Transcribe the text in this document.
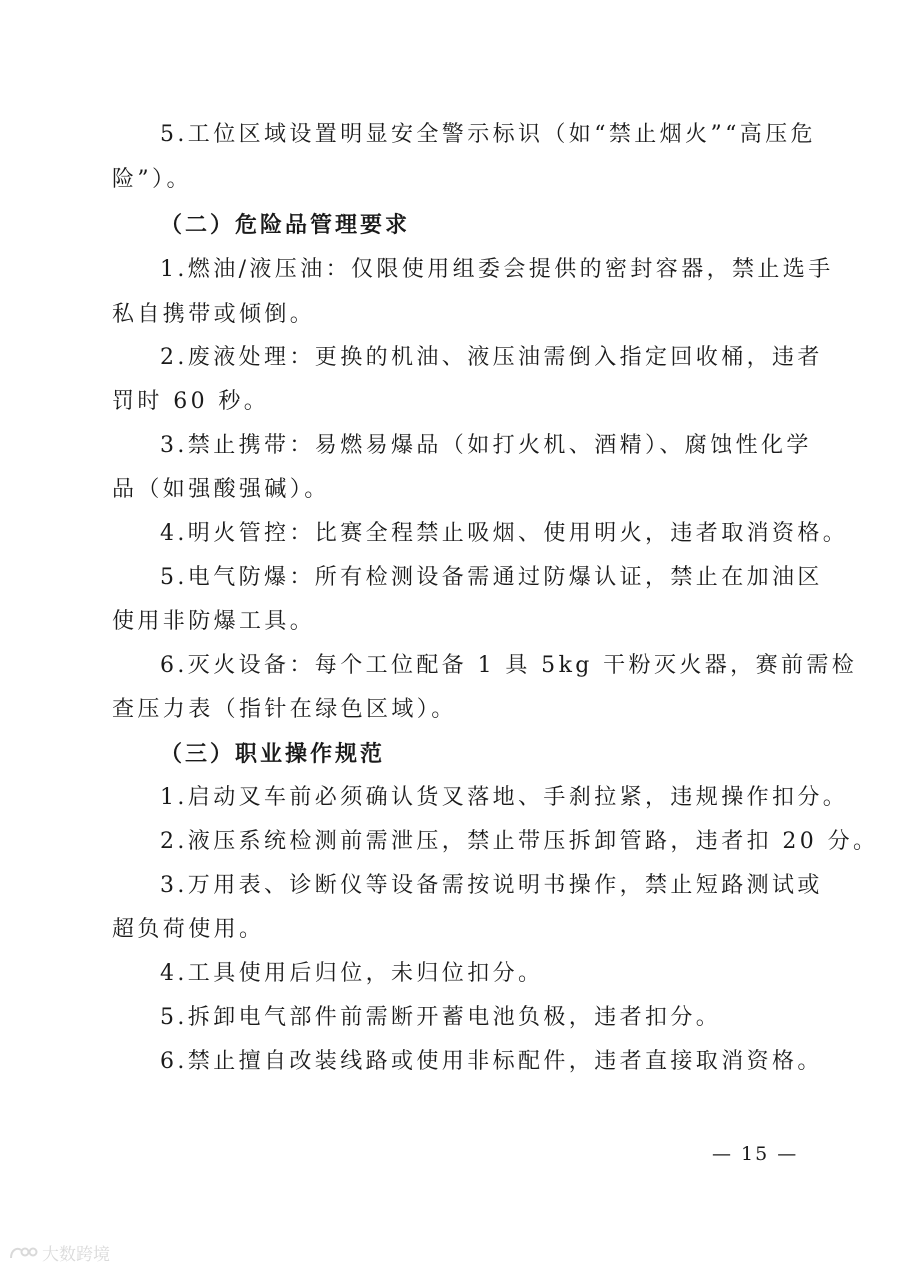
5.工位区域设置明显安全警示标识（如“禁止烟火”“高压危
险”）。
（二）危险品管理要求
1.燃油/液压油：仅限使用组委会提供的密封容器，禁止选手
私自携带或倾倒。
2.废液处理：更换的机油、液压油需倒入指定回收桶，违者
罚时 60 秒。
3.禁止携带：易燃易爆品（如打火机、酒精）、腐蚀性化学
品（如强酸强碱）。
4.明火管控：比赛全程禁止吸烟、使用明火，违者取消资格。
5.电气防爆：所有检测设备需通过防爆认证，禁止在加油区
使用非防爆工具。
6.灭火设备：每个工位配备 1 具 5kg 干粉灭火器，赛前需检
查压力表（指针在绿色区域）。
（三）职业操作规范
1.启动叉车前必须确认货叉落地、手刹拉紧，违规操作扣分。
2.液压系统检测前需泄压，禁止带压拆卸管路，违者扣 20 分。
3.万用表、诊断仪等设备需按说明书操作，禁止短路测试或
超负荷使用。
4.工具使用后归位，未归位扣分。
5.拆卸电气部件前需断开蓄电池负极，违者扣分。
6.禁止擅自改装线路或使用非标配件，违者直接取消资格。
— 15 —
大数跨境
